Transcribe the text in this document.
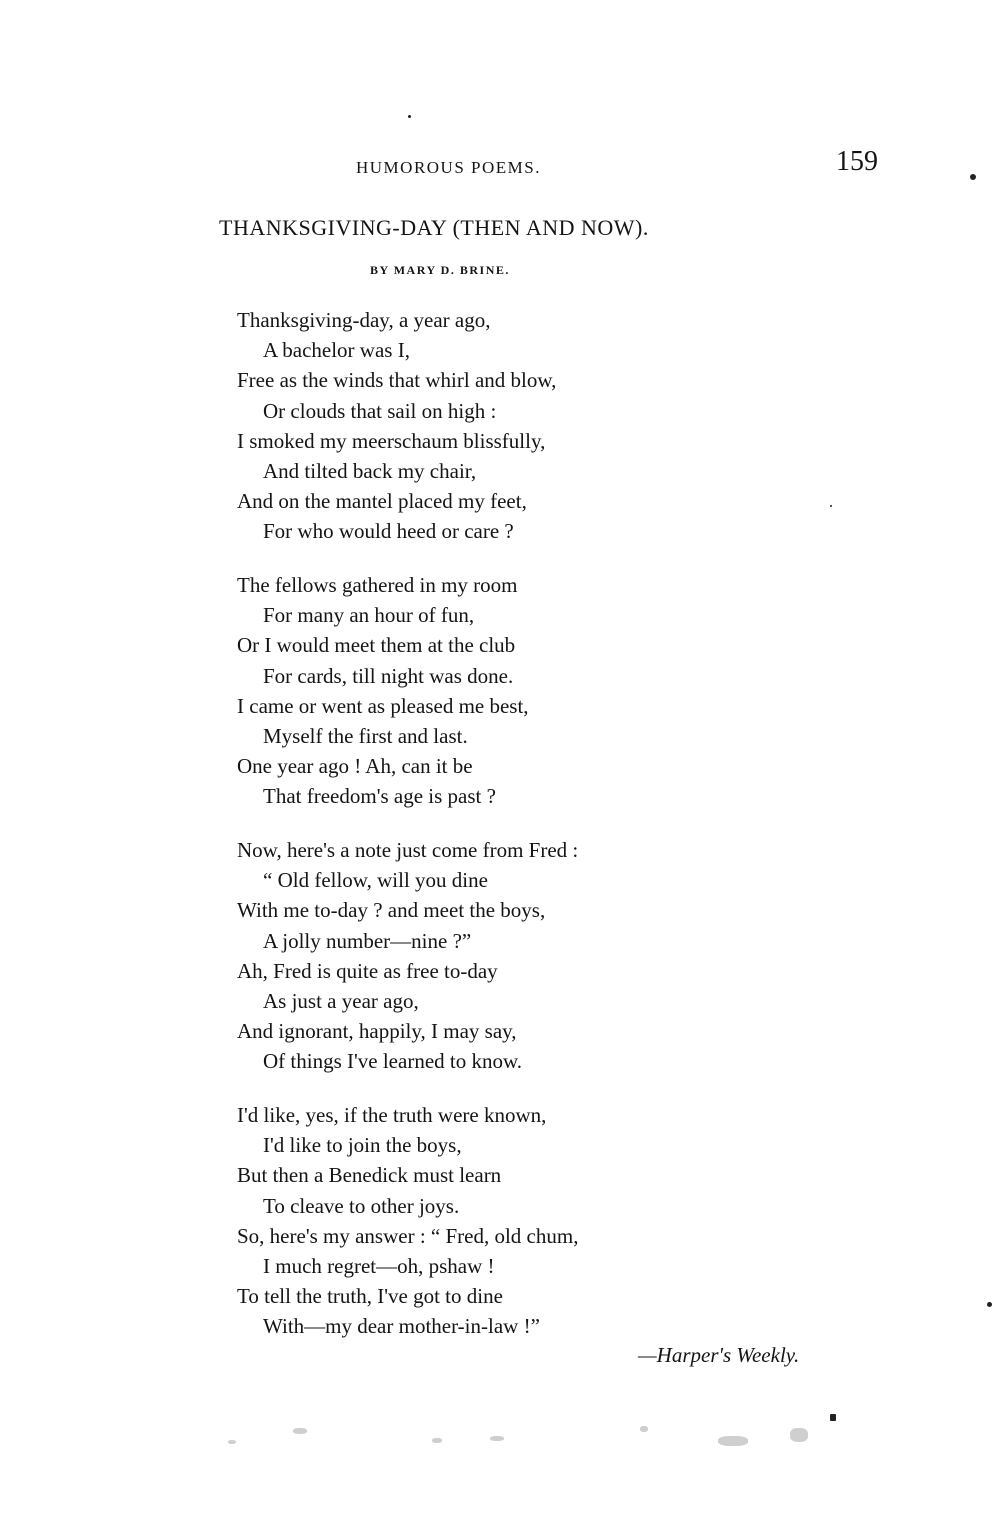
HUMOROUS POEMS.	159
THANKSGIVING-DAY (THEN AND NOW).
BY MARY D. BRINE.
Thanksgiving-day, a year ago,
A bachelor was I,
Free as the winds that whirl and blow,
Or clouds that sail on high :
I smoked my meerschaum blissfully,
And tilted back my chair,
And on the mantel placed my feet,
For who would heed or care ?
The fellows gathered in my room
For many an hour of fun,
Or I would meet them at the club
For cards, till night was done.
I came or went as pleased me best,
Myself the first and last.
One year ago ! Ah, can it be
That freedom's age is past ?
Now, here's a note just come from Fred :
“ Old fellow, will you dine
With me to-day ? and meet the boys,
A jolly number—nine ?”
Ah, Fred is quite as free to-day
As just a year ago,
And ignorant, happily, I may say,
Of things I've learned to know.
I'd like, yes, if the truth were known,
I'd like to join the boys,
But then a Benedick must learn
To cleave to other joys.
So, here's my answer : “ Fred, old chum,
I much regret—oh, pshaw !
To tell the truth, I've got to dine
With—my dear mother-in-law !”
—Harper's Weekly.
